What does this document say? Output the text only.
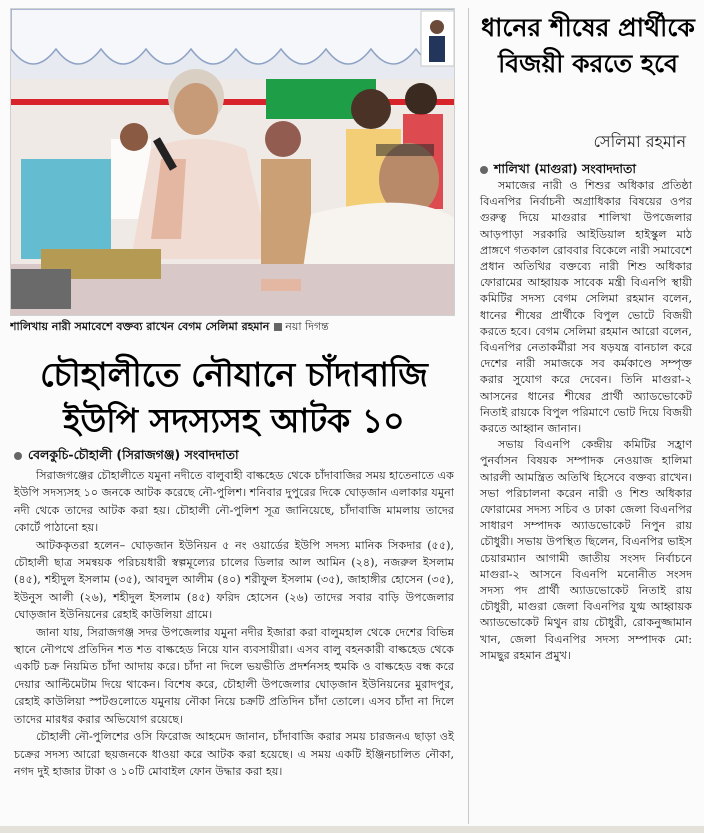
শালিখায় নারী সমাবেশে বক্তব্য রাখেন বেগম সেলিমা রহমান নয়া দিগন্ত
চৌহালীতে নৌযানে চাঁদাবাজি
ইউপি সদস্যসহ আটক ১০
বেলকুচি-চৌহালী (সিরাজগঞ্জ) সংবাদদাতা

সিরাজগঞ্জের চৌহালীতে যমুনা নদীতে বালুবাহী বাল্কহেড থেকে চাঁদাবাজির সময় হাতেনাতে এক ইউপি সদস্যসহ ১০ জনকে আটক করেছে নৌ-পুলিশ। শনিবার দুপুরের দিকে ঘোড়জান এলাকার যমুনা নদী থেকে তাদের আটক করা হয়। চৌহালী নৌ-পুলিশ সূত্র জানিয়েছে, চাঁদাবাজি মামলায় তাদের কোর্টে পাঠানো হয়।

আটককৃতরা হলেন– ঘোড়জান ইউনিয়ন ৫ নং ওয়ার্ডের ইউপি সদস্য মানিক সিকদার (৫৫), চৌহালী ছাত্র সমন্বয়ক পরিচয়ধারী স্বল্পমূল্যের চালের ডিলার আল আমিন (২৪), নজরুল ইসলাম (৪৫), শহীদুল ইসলাম (৩৫), আবদুল আলীম (৪০) শরীফুল ইসলাম (৩৫), জাহাঙ্গীর হোসেন (৩৫), ইউনুস আলী (২৬), শহীদুল ইসলাম (৪৫) ফরিদ হোসেন (২৬) তাদের সবার বাড়ি উপজেলার ঘোড়জান ইউনিয়নের রেহাই কাউলিয়া গ্রামে।

জানা যায়, সিরাজগঞ্জ সদর উপজেলার যমুনা নদীর ইজারা করা বালুমহাল থেকে দেশের বিভিন্ন স্থানে নৌপথে প্রতিদিন শত শত বাল্কহেড নিয়ে যান ব্যবসায়ীরা। এসব বালু বহনকারী বাল্কহেড থেকে একটি চক্র নিয়মিত চাঁদা আদায় করে। চাঁদা না দিলে ভয়ভীতি প্রদর্শনসহ হুমকি ও বাল্কহেড বন্ধ করে দেয়ার আল্টিমেটাম দিয়ে থাকেন। বিশেষ করে, চৌহালী উপজেলার ঘোড়জান ইউনিয়নের মুরাদপুর, রেহাই কাউলিয়া স্পটগুলোতে যমুনায় নৌকা নিয়ে চক্রটি প্রতিদিন চাঁদা তোলে। এসব চাঁদা না দিলে তাদের মারধর করার অভিযোগ রয়েছে।

চৌহালী নৌ-পুলিশের ওসি ফিরোজ আহমেদ জানান, চাঁদাবাজি করার সময় চারজনএ ছাড়া ওই চক্রের সদস্য আরো ছয়জনকে ধাওয়া করে আটক করা হয়েছে। এ সময় একটি ইঞ্জিনচালিত নৌকা, নগদ দুই হাজার টাকা ও ১০টি মোবাইল ফোন উদ্ধার করা হয়।

ধানের শীষের প্রার্থীকে বিজয়ী করতে হবে
সেলিমা রহমান
শালিখা (মাগুরা) সংবাদদাতা

সমাজের নারী ও শিশুর অধিকার প্রতিষ্ঠা বিএনপির নির্বাচনী অগ্রাধিকার বিষয়ের ওপর গুরুত্ব দিয়ে মাগুরার শালিখা উপজেলার আড়পাড়া সরকারি আইডিয়াল হাইস্কুল মাঠ প্রাঙ্গণে গতকাল রোববার বিকেলে নারী সমাবেশে প্রধান অতিথির বক্তব্যে নারী শিশু অধিকার ফোরামের আহ্বায়ক সাবেক মন্ত্রী বিএনপি স্থায়ী কমিটির সদস্য বেগম সেলিমা রহমান বলেন, ধানের শীষের প্রার্থীকে বিপুল ভোটে বিজয়ী করতে হবে। বেগম সেলিমা রহমান আরো বলেন, বিএনপির নেতাকর্মীরা সব ষড়যন্ত্র বানচাল করে দেশের নারী সমাজকে সব কর্মকাণ্ডে সম্পৃক্ত করার সুযোগ করে দেবেন। তিনি মাগুরা-২ আসনের ধানের শীষের প্রার্থী অ্যাডভোকেট নিতাই রায়কে বিপুল পরিমাণে ভোট দিয়ে বিজয়ী করতে আহ্বান জানান।

সভায় বিএনপি কেন্দ্রীয় কমিটির সহ্রাণ পুনর্বাসন বিষয়ক সম্পাদক নেওয়াজ হালিমা আরলী আমন্ত্রিত অতিথি হিসেবে বক্তব্য রাখেন। সভা পরিচালনা করেন নারী ও শিশু অধিকার ফোরামের সদস্য সচিব ও ঢাকা জেলা বিএনপির সাধারণ সম্পাদক অ্যাডভোকেট নিপুন রায় চৌধুরী। সভায় উপস্থিত ছিলেন, বিএনপির ভাইস চেয়ারম্যান আগামী জাতীয় সংসদ নির্বাচনে মাগুরা-২ আসনে বিএনপি মনোনীত সংসদ সদস্য পদ প্রার্থী অ্যাডভোকেট নিতাই রায় চৌধুরী, মাগুরা জেলা বিএনপির যুগ্ম আহ্বায়ক অ্যাডভোকেট মিথুন রায় চৌধুরী, রোকনুজ্জামান খান, জেলা বিএনপির সদস্য সম্পাদক মো: সামছুর রহমান প্রমুখ।
